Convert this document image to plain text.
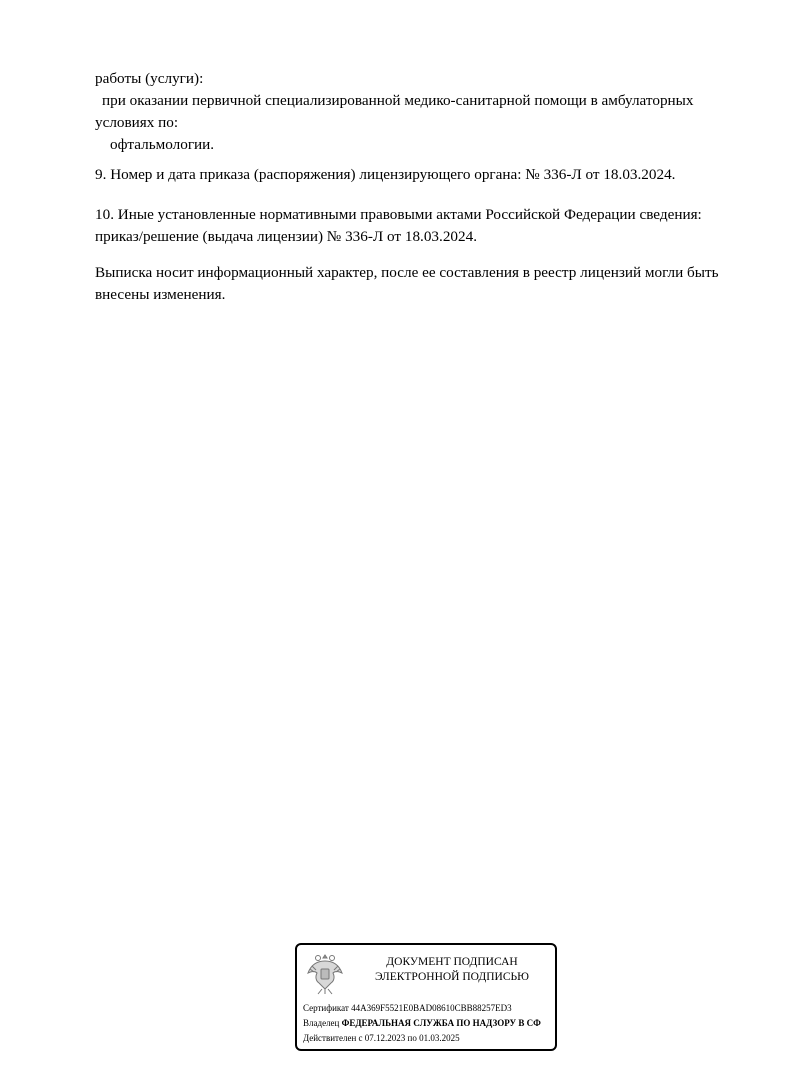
работы (услуги):
при оказании первичной специализированной медико-санитарной помощи в амбулаторных
условиях по:
офтальмологии.
9. Номер и дата приказа (распоряжения) лицензирующего органа: № 336-Л от 18.03.2024.
10. Иные установленные нормативными правовыми актами Российской Федерации сведения:
приказ/решение (выдача лицензии) № 336-Л от 18.03.2024.
Выписка носит информационный характер, после ее составления в реестр лицензий могли быть
внесены изменения.
ДОКУМЕНТ ПОДПИСАН
ЭЛЕКТРОННОЙ ПОДПИСЬЮ
Сертификат 44A369F5521E0BAD08610CBB88257ED3
Владелец ФЕДЕРАЛЬНАЯ СЛУЖБА ПО НАДЗОРУ В СФ
Действителен с 07.12.2023 по 01.03.2025
